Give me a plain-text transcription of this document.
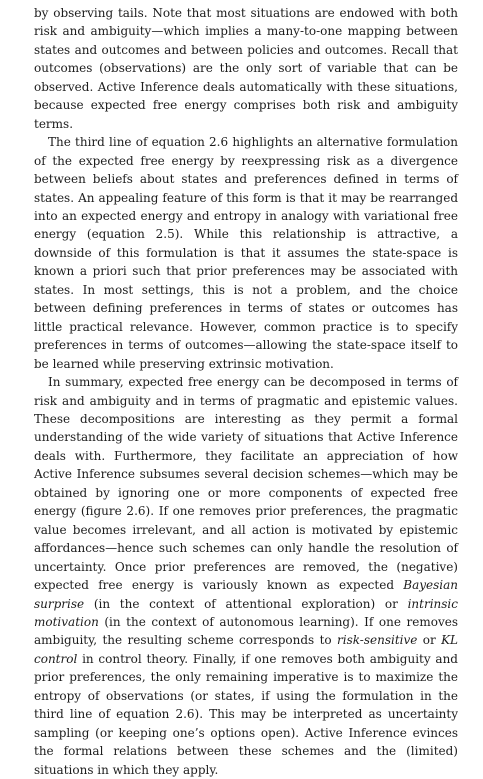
by observing tails. Note that most situations are endowed with both risk and ambiguity—which implies a many-to-one mapping between states and outcomes and between policies and outcomes. Recall that outcomes (observations) are the only sort of variable that can be observed. Active Inference deals automatically with these situations, because expected free energy comprises both risk and ambiguity terms.

The third line of equation 2.6 highlights an alternative formulation of the expected free energy by reexpressing risk as a divergence between beliefs about states and preferences defined in terms of states. An appealing feature of this form is that it may be rearranged into an expected energy and entropy in analogy with variational free energy (equation 2.5). While this relationship is attractive, a downside of this formulation is that it assumes the state-space is known a priori such that prior preferences may be associated with states. In most settings, this is not a problem, and the choice between defining preferences in terms of states or outcomes has little practical relevance. However, common practice is to specify preferences in terms of outcomes—allowing the state-space itself to be learned while preserving extrinsic motivation.

In summary, expected free energy can be decomposed in terms of risk and ambiguity and in terms of pragmatic and epistemic values. These decompositions are interesting as they permit a formal understanding of the wide variety of situations that Active Inference deals with. Furthermore, they facilitate an appreciation of how Active Inference subsumes several decision schemes—which may be obtained by ignoring one or more components of expected free energy (figure 2.6). If one removes prior preferences, the pragmatic value becomes irrelevant, and all action is motivated by epistemic affordances—hence such schemes can only handle the resolution of uncertainty. Once prior preferences are removed, the (negative) expected free energy is variously known as expected Bayesian surprise (in the context of attentional exploration) or intrinsic motivation (in the context of autonomous learning). If one removes ambiguity, the resulting scheme corresponds to risk-sensitive or KL control in control theory. Finally, if one removes both ambiguity and prior preferences, the only remaining imperative is to maximize the entropy of observations (or states, if using the formulation in the third line of equation 2.6). This may be interpreted as uncertainty sampling (or keeping one’s options open). Active Inference evinces the formal relations between these schemes and the (limited) situations in which they apply.
